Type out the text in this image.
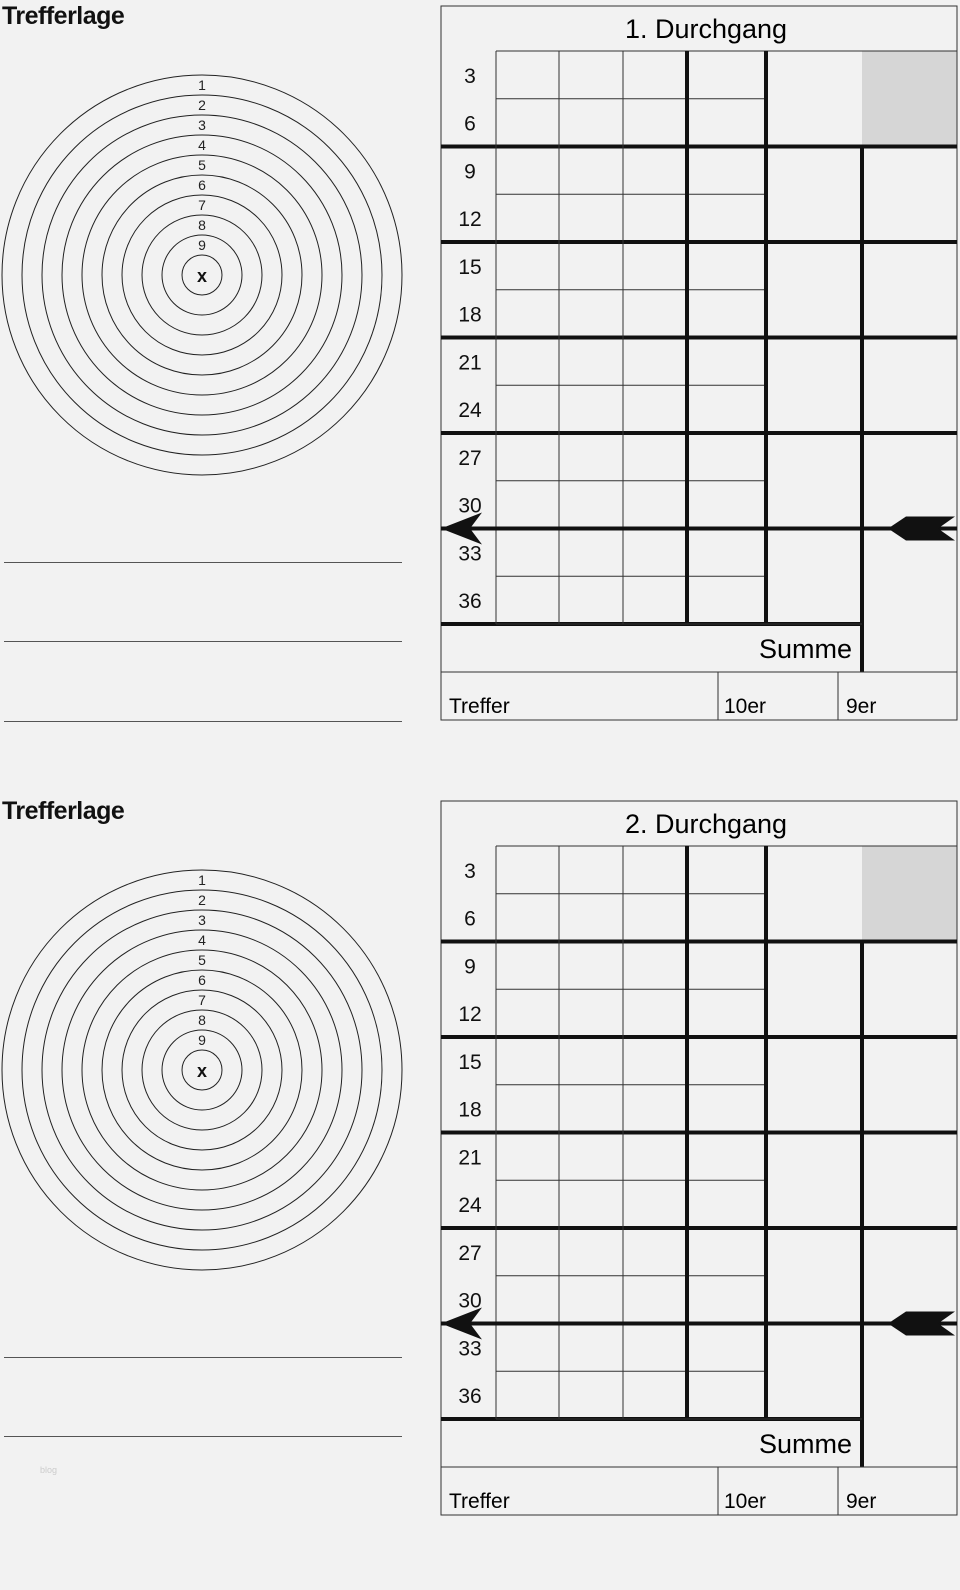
Trefferlage
1
2
3
4
5
6
7
8
9
x
1. Durchgang
3
6
9
12
15
18
21
24
27
30
33
36
Summe
Treffer	10er	9er
Trefferlage
1
2
3
4
5
6
7
8
9
x
2. Durchgang
3
6
9
12
15
18
21
24
27
30
33
36
Summe
Treffer	10er	9er
blog
